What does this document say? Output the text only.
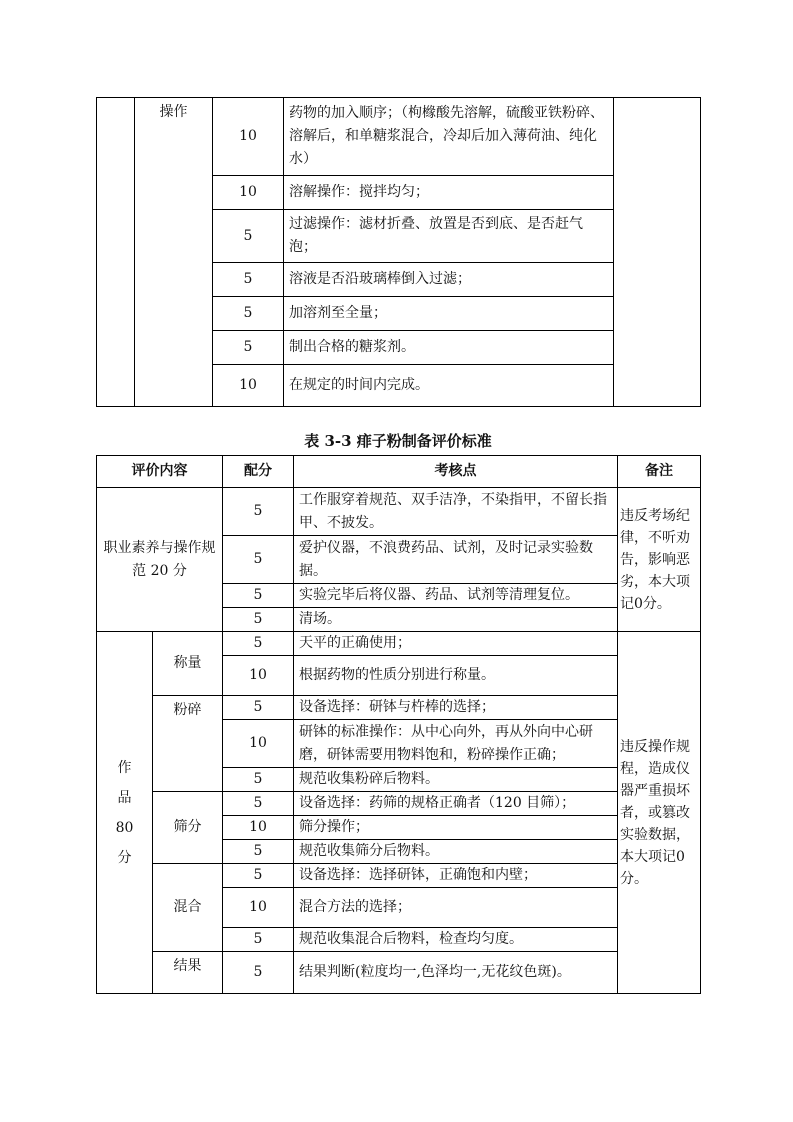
	操作	10	药物的加入顺序；（枸橼酸先溶解，硫酸亚铁粉碎、溶解后，和单糖浆混合，冷却后加入薄荷油、纯化水）	
		10	溶解操作：搅拌均匀；	
		5	过滤操作：滤材折叠、放置是否到底、是否赶气泡；	
		5	溶液是否沿玻璃棒倒入过滤；	
		5	加溶剂至全量；	
		5	制出合格的糖浆剂。	
		10	在规定的时间内完成。	
表 3-3 痱子粉制备评价标准
评价内容		配分	考核点	备注
职业素养与操作规范 20 分		5	工作服穿着规范、双手洁净，不染指甲，不留长指甲、不披发。	违反考场纪律，不听劝告，影响恶劣，本大项记0分。
		5	爱护仪器，不浪费药品、试剂，及时记录实验数据。	
		5	实验完毕后将仪器、药品、试剂等清理复位。	
		5	清场。	
作
品
80
分	称量	5	天平的正确使用；	违反操作规程，造成仪器严重损坏者，或篡改实验数据，本大项记0分。
		10	根据药物的性质分别进行称量。	
	粉碎	5	设备选择：研钵与杵棒的选择；	
		10	研钵的标准操作：从中心向外，再从外向中心研磨，研钵需要用物料饱和，粉碎操作正确；	
		5	规范收集粉碎后物料。	
	筛分	5	设备选择：药筛的规格正确者（120 目筛）；	
		10	筛分操作；	
		5	规范收集筛分后物料。	
	混合	5	设备选择：选择研钵，正确饱和内壁；	
		10	混合方法的选择；	
		5	规范收集混合后物料，检查均匀度。	
	结果	5	结果判断(粒度均一,色泽均一,无花纹色斑)。	
